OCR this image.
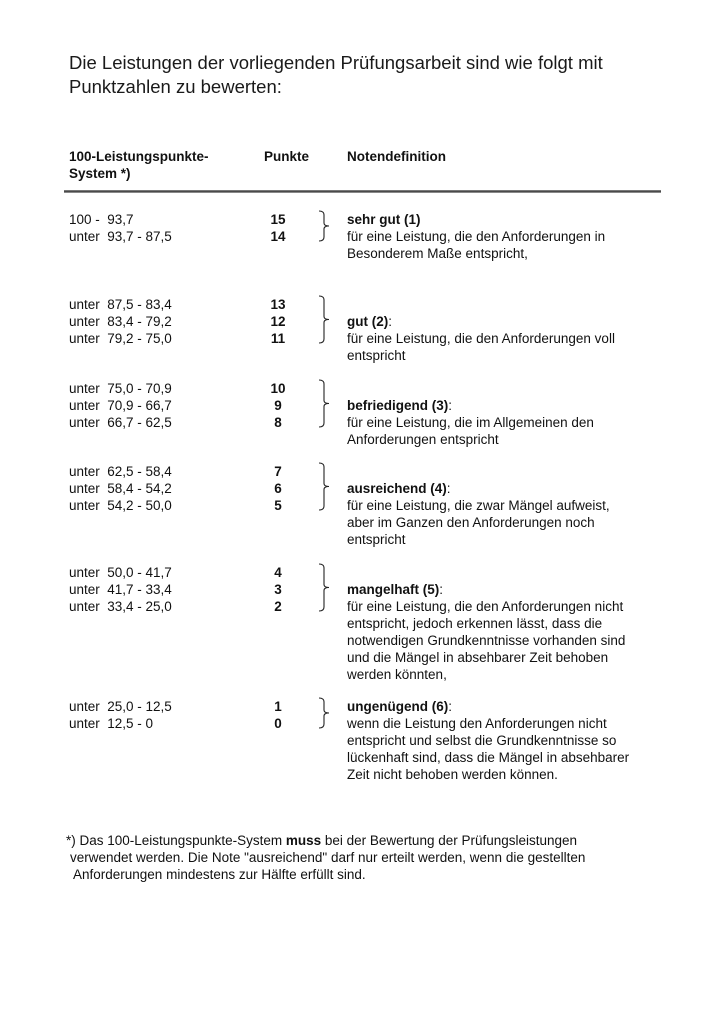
Die Leistungen der vorliegenden Prüfungsarbeit sind wie folgt mit
Punktzahlen zu bewerten:
100-Leistungspunkte-
System *)
Punkte	Notendefinition
100 -  93,7
unter  93,7 - 87,5
15
14
sehr gut (1)
für eine Leistung, die den Anforderungen in
Besonderem Maße entspricht,
unter  87,5 - 83,4
unter  83,4 - 79,2
unter  79,2 - 75,0
13
12
11
gut (2):
für eine Leistung, die den Anforderungen voll
entspricht
unter  75,0 - 70,9
unter  70,9 - 66,7
unter  66,7 - 62,5
10
9
8
befriedigend (3):
für eine Leistung, die im Allgemeinen den
Anforderungen entspricht
unter  62,5 - 58,4
unter  58,4 - 54,2
unter  54,2 - 50,0
7
6
5
ausreichend (4):
für eine Leistung, die zwar Mängel aufweist,
aber im Ganzen den Anforderungen noch
entspricht
unter  50,0 - 41,7
unter  41,7 - 33,4
unter  33,4 - 25,0
4
3
2
mangelhaft (5):
für eine Leistung, die den Anforderungen nicht
entspricht, jedoch erkennen lässt, dass die
notwendigen Grundkenntnisse vorhanden sind
und die Mängel in absehbarer Zeit behoben
werden könnten,
unter  25,0 - 12,5
unter  12,5 - 0
1
0
ungenügend (6):
wenn die Leistung den Anforderungen nicht
entspricht und selbst die Grundkenntnisse so
lückenhaft sind, dass die Mängel in absehbarer
Zeit nicht behoben werden können.
*) Das 100-Leistungspunkte-System muss bei der Bewertung der Prüfungsleistungen
verwendet werden. Die Note "ausreichend" darf nur erteilt werden, wenn die gestellten
Anforderungen mindestens zur Hälfte erfüllt sind.
